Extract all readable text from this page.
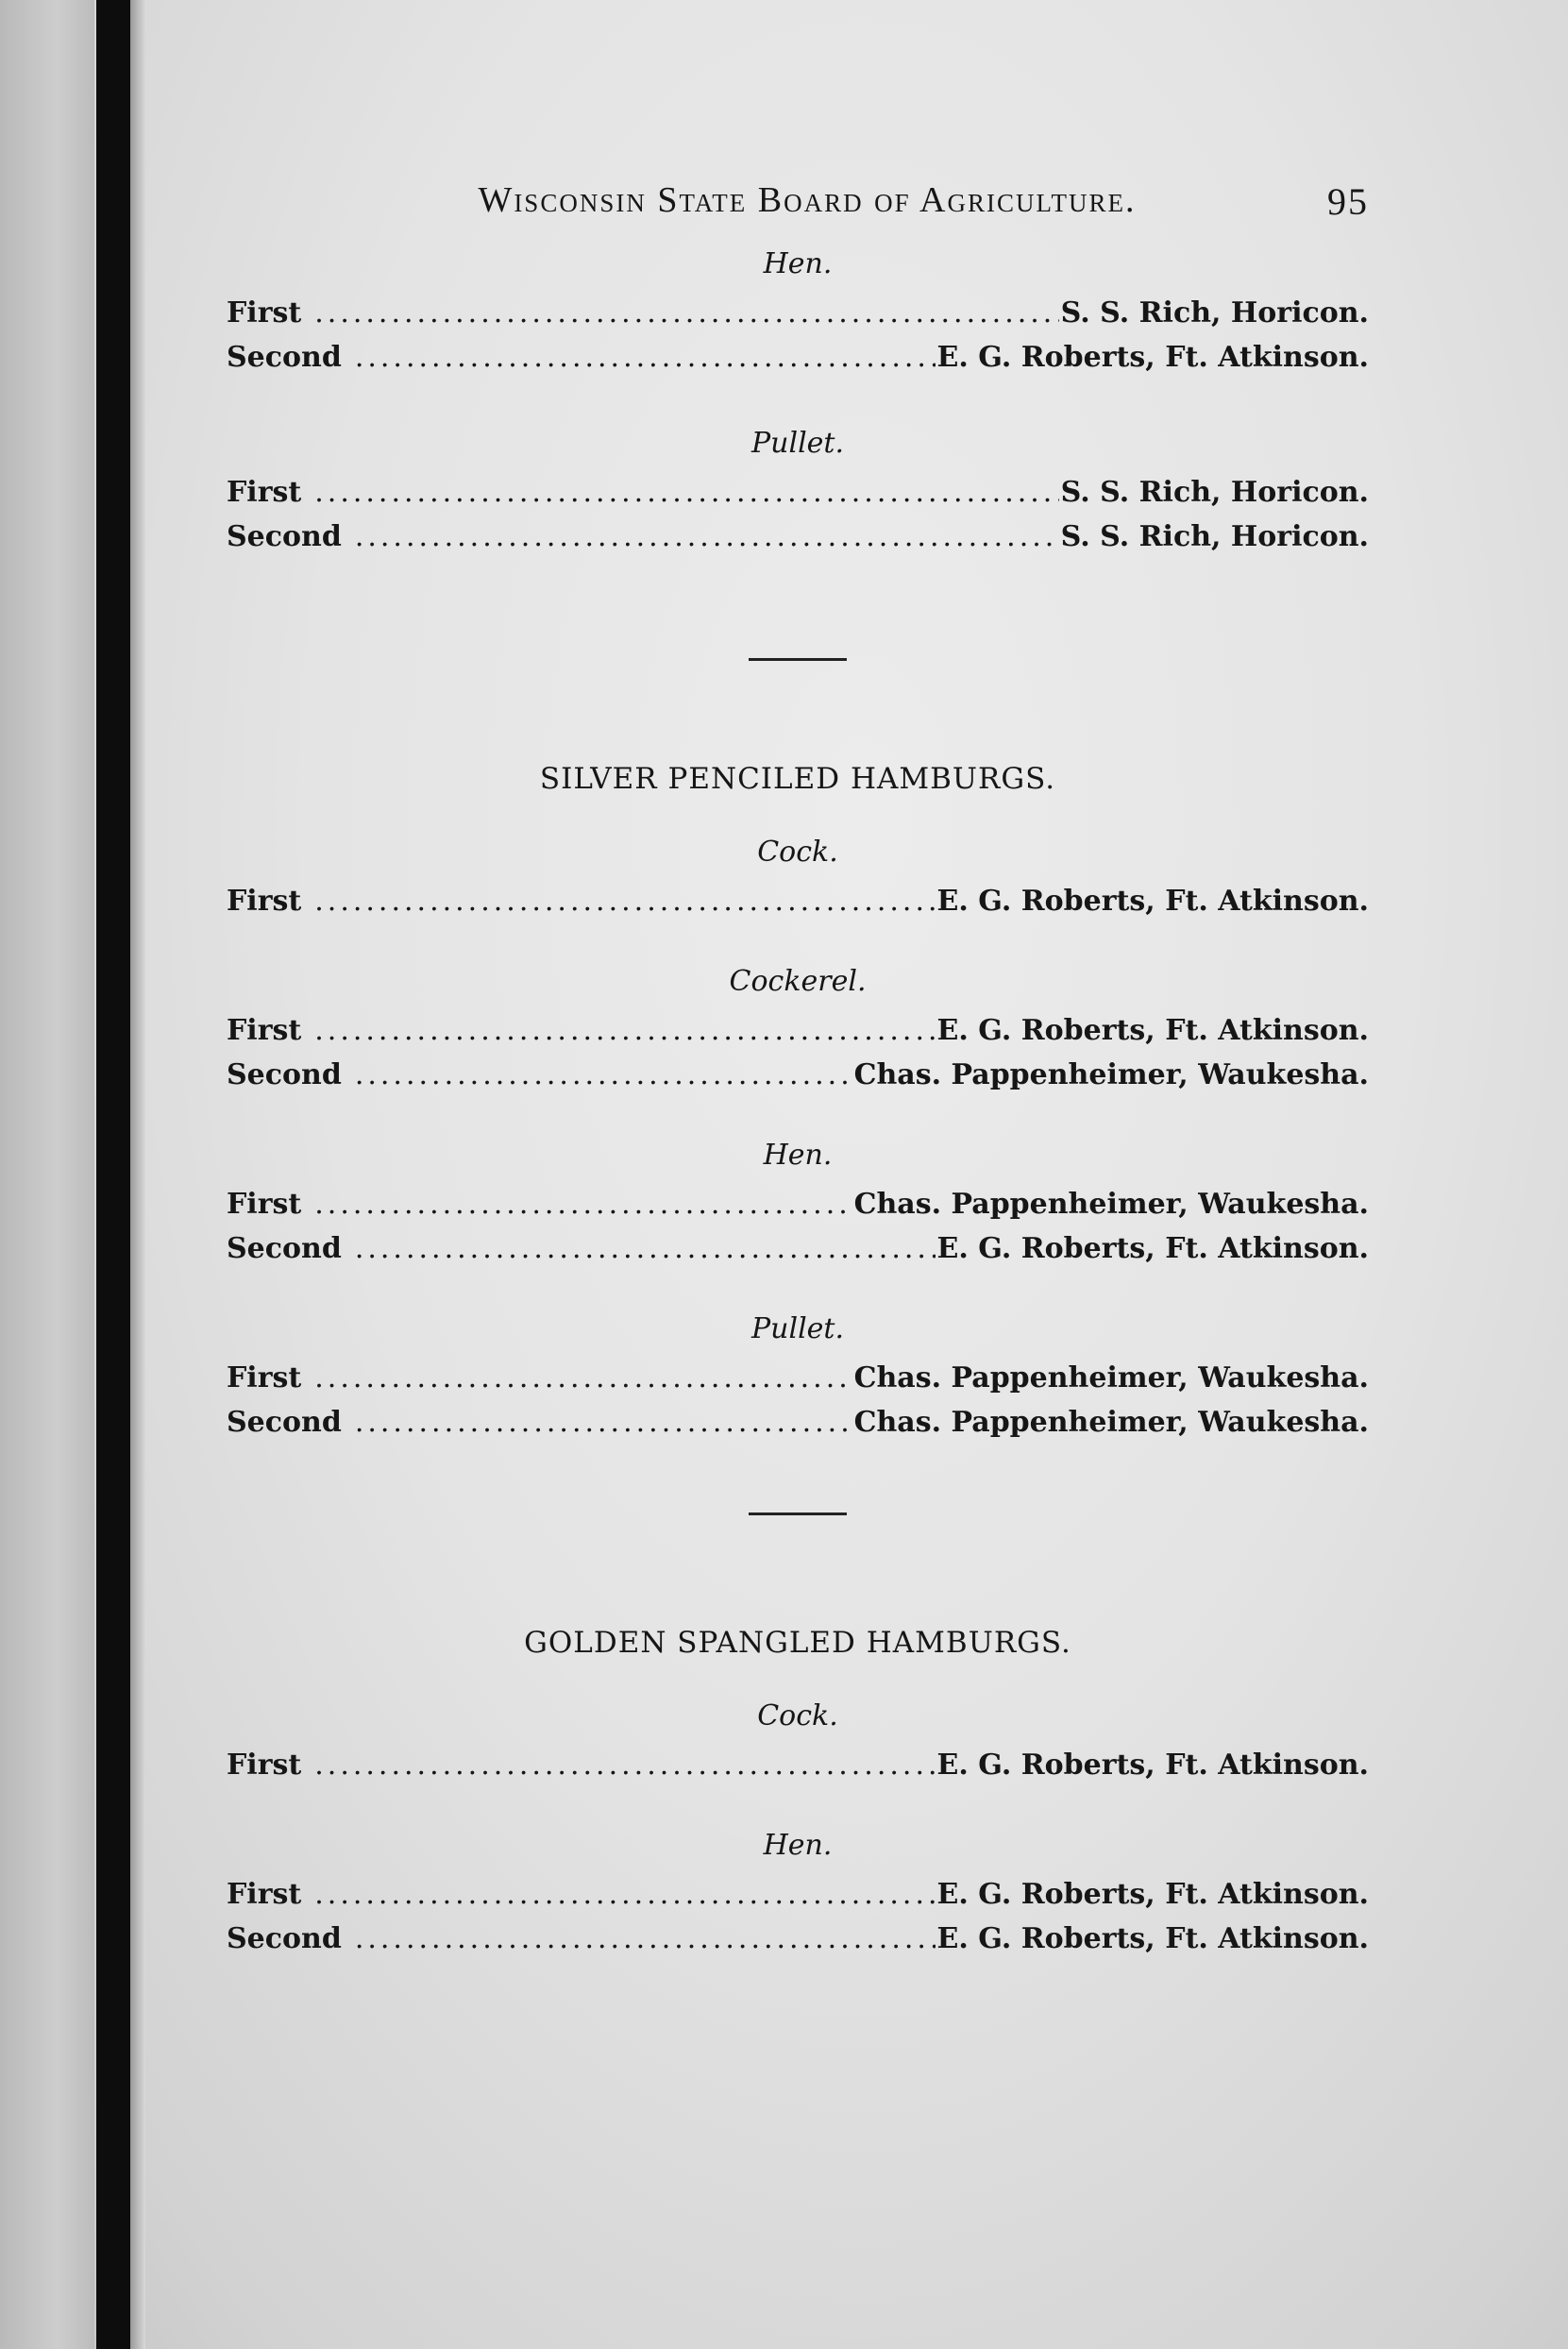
Wisconsin State Board of Agriculture.	95
Hen.
First .....	S. S. Rich, Horicon.
Second .....	E. G. Roberts, Ft. Atkinson.
Pullet.
First .....	S. S. Rich, Horicon.
Second .....	S. S. Rich, Horicon.
SILVER PENCILED HAMBURGS.
Cock.
First .....	E. G. Roberts, Ft. Atkinson.
Cockerel.
First .....	E. G. Roberts, Ft. Atkinson.
Second .....	Chas. Pappenheimer, Waukesha.
Hen.
First .....	Chas. Pappenheimer, Waukesha.
Second .....	E. G. Roberts, Ft. Atkinson.
Pullet.
First .....	Chas. Pappenheimer, Waukesha.
Second .....	Chas. Pappenheimer, Waukesha.
GOLDEN SPANGLED HAMBURGS.
Cock.
First .....	E. G. Roberts, Ft. Atkinson.
Hen.
First .....	E. G. Roberts, Ft. Atkinson.
Second .....	E. G. Roberts, Ft. Atkinson.
